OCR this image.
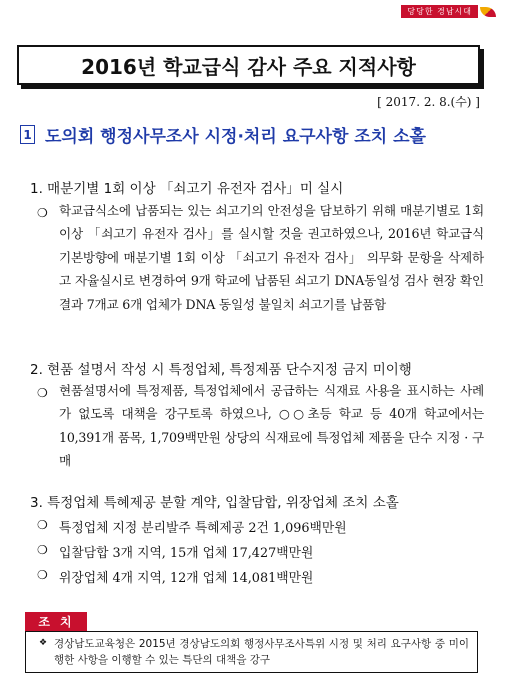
당당한 경남시대
2016년 학교급식 감사 주요 지적사항
[ 2017. 2. 8.(수) ]
1 도의회 행정사무조사 시정·처리 요구사항 조치 소홀
1. 매분기별 1회 이상 「쇠고기 유전자 검사」미 실시
❍ 학교급식소에 납품되는 있는 쇠고기의 안전성을 담보하기 위해 매분기별로 1회 이상 「쇠고기 유전자 검사」를 실시할 것을 권고하였으나, 2016년 학교급식 기본방향에 매분기별 1회 이상 「쇠고기 유전자 검사」 의무화 문항을 삭제하고 자율실시로 변경하여 9개 학교에 납품된 쇠고기 DNA동일성 검사 현장 확인 결과 7개교 6개 업체가 DNA 동일성 불일치 쇠고기를 납품함
2. 현품 설명서 작성 시 특정업체, 특정제품 단수지정 금지 미이행
❍ 현품설명서에 특정제품, 특정업체에서 공급하는 식재료 사용을 표시하는 사례가 없도록 대책을 강구토록 하였으나, ○○초등 학교 등 40개 학교에서는 10,391개 품목, 1,709백만원 상당의 식재료에 특정업체 제품을 단수 지정 · 구매
3. 특정업체 특혜제공 분할 계약, 입찰담합, 위장업체 조치 소홀
❍ 특정업체 지정 분리발주 특혜제공 2건 1,096백만원
❍ 입찰담합 3개 지역, 15개 업체 17,427백만원
❍ 위장업체 4개 지역, 12개 업체 14,081백만원
조치
❖ 경상남도교육청은 2015년 경상남도의회 행정사무조사특위 시정 및 처리 요구사항 중 미이행한 사항을 이행할 수 있는 특단의 대책을 강구
